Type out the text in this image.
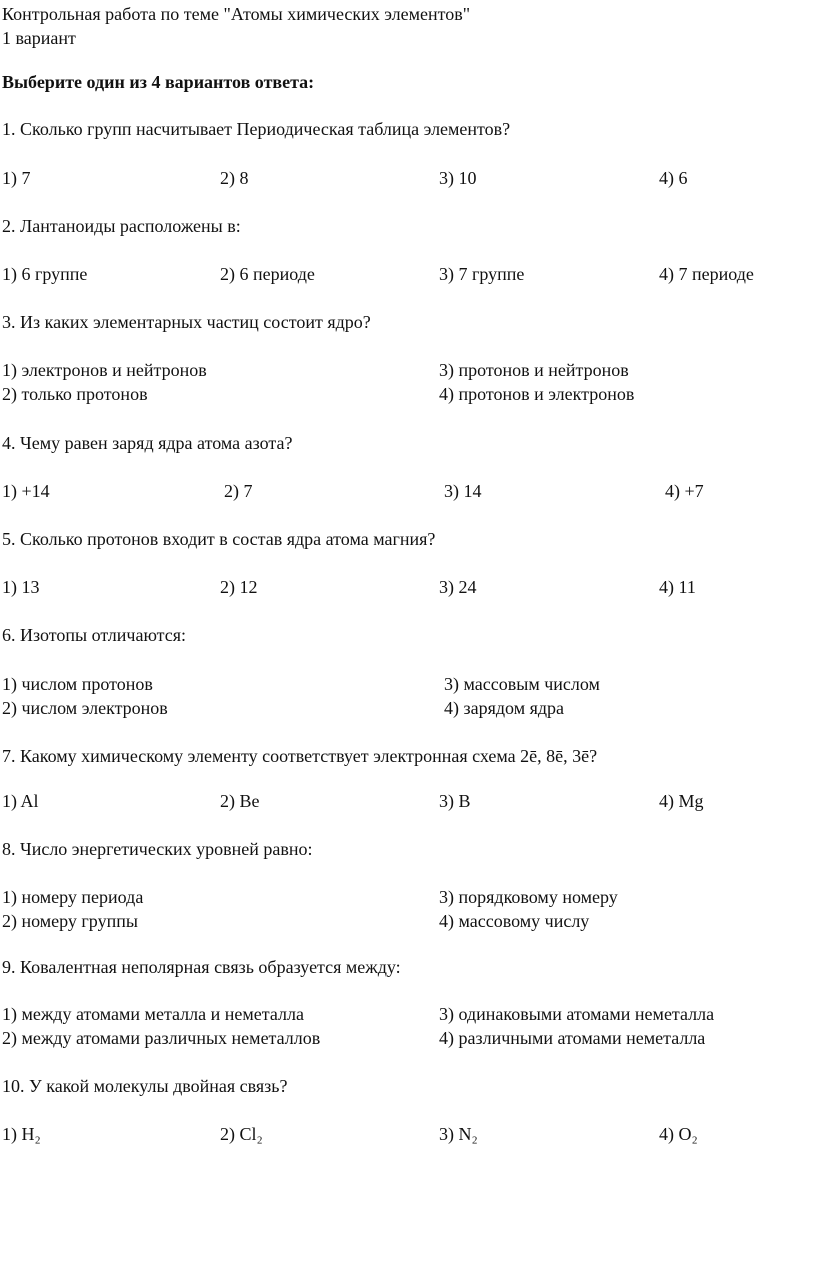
Контрольная работа по теме "Атомы химических элементов"
1 вариант
Выберите один из 4 вариантов ответа:
1. Сколько групп насчитывает Периодическая таблица элементов?
1) 7	2) 8	3) 10	4) 6
2. Лантаноиды расположены в:
1) 6 группе	2) 6 периоде	3) 7 группе	4) 7 периоде
3. Из каких элементарных частиц состоит ядро?
1) электронов и нейтронов
2) только протонов
3) протонов и нейтронов
4) протонов и электронов
4. Чему равен заряд ядра атома азота?
1) +14	2) 7	3) 14	4) +7
5. Сколько протонов входит в состав ядра атома магния?
1) 13	2) 12	3) 24	4) 11
6. Изотопы отличаются:
1) числом протонов
2) числом электронов
3) массовым числом
4) зарядом ядра
7. Какому химическому элементу соответствует электронная схема 2ē, 8ē, 3ē?
1) Al	2) Be	3) B	4) Mg
8. Число энергетических уровней равно:
1) номеру периода
2) номеру группы
3) порядковому номеру
4) массовому числу
9. Ковалентная неполярная связь образуется между:
1) между атомами металла и неметалла
2) между атомами различных неметаллов
3) одинаковыми атомами неметалла
4) различными атомами неметалла
10. У какой молекулы двойная связь?
1) H₂	2) Cl₂	3) N₂	4) O₂
